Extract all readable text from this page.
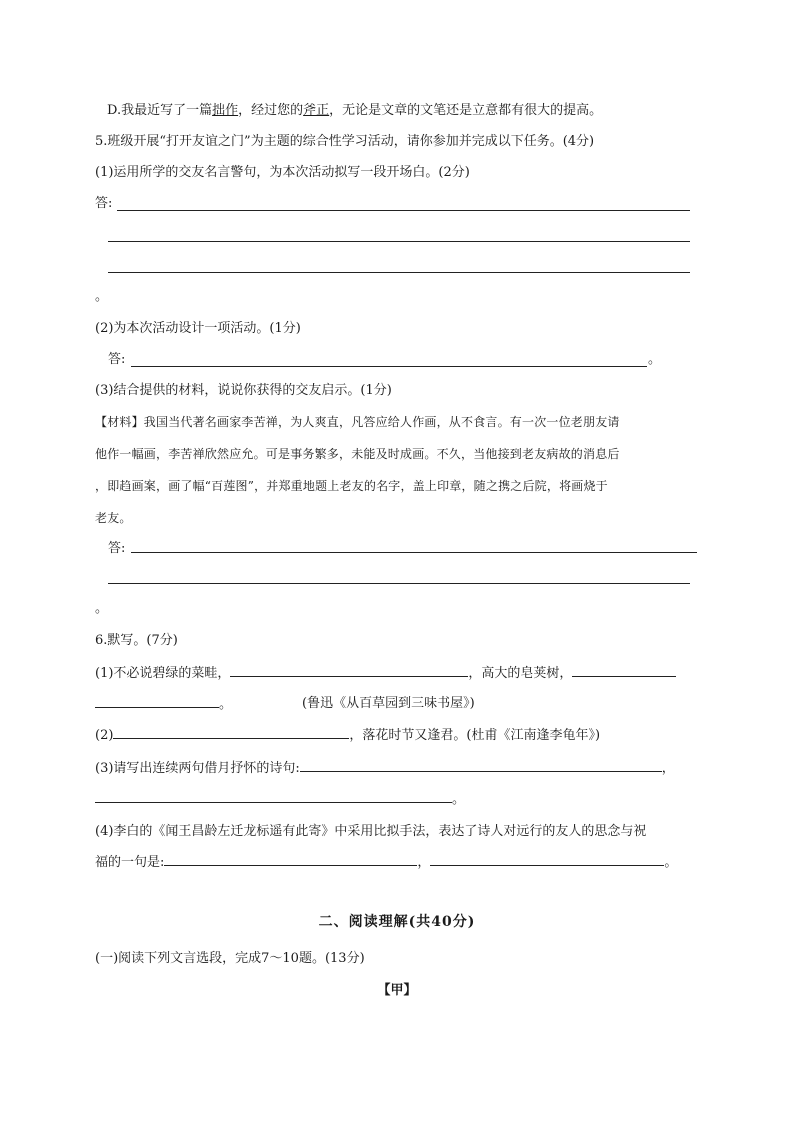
D.我最近写了一篇拙作，经过您的斧正，无论是文章的文笔还是立意都有很大的提高。
5.班级开展“打开友谊之门”为主题的综合性学习活动，请你参加并完成以下任务。(4分)
(1)运用所学的交友名言警句，为本次活动拟写一段开场白。(2分)
答:
。
(2)为本次活动设计一项活动。(1分)
答:	。
(3)结合提供的材料，说说你获得的交友启示。(1分)
【材料】我国当代著名画家李苦禅，为人爽直，凡答应给人作画，从不食言。有一次一位老朋友请
他作一幅画，李苦禅欣然应允。可是事务繁多，未能及时成画。不久，当他接到老友病故的消息后
，即趋画案，画了幅“百莲图”，并郑重地题上老友的名字，盖上印章，随之携之后院，将画烧于
老友。
答:
。
6.默写。(7分)
(1)不必说碧绿的菜畦，	，高大的皂荚树，
。	(鲁迅《从百草园到三味书屋》)
(2)	，落花时节又逢君。(杜甫《江南逢李龟年》)
(3)请写出连续两句借月抒怀的诗句:	，
。
(4)李白的《闻王昌龄左迁龙标遥有此寄》中采用比拟手法，表达了诗人对远行的友人的思念与祝
福的一句是:	，	。
二、阅读理解(共40分)
(一)阅读下列文言选段，完成7～10题。(13分)
【甲】
